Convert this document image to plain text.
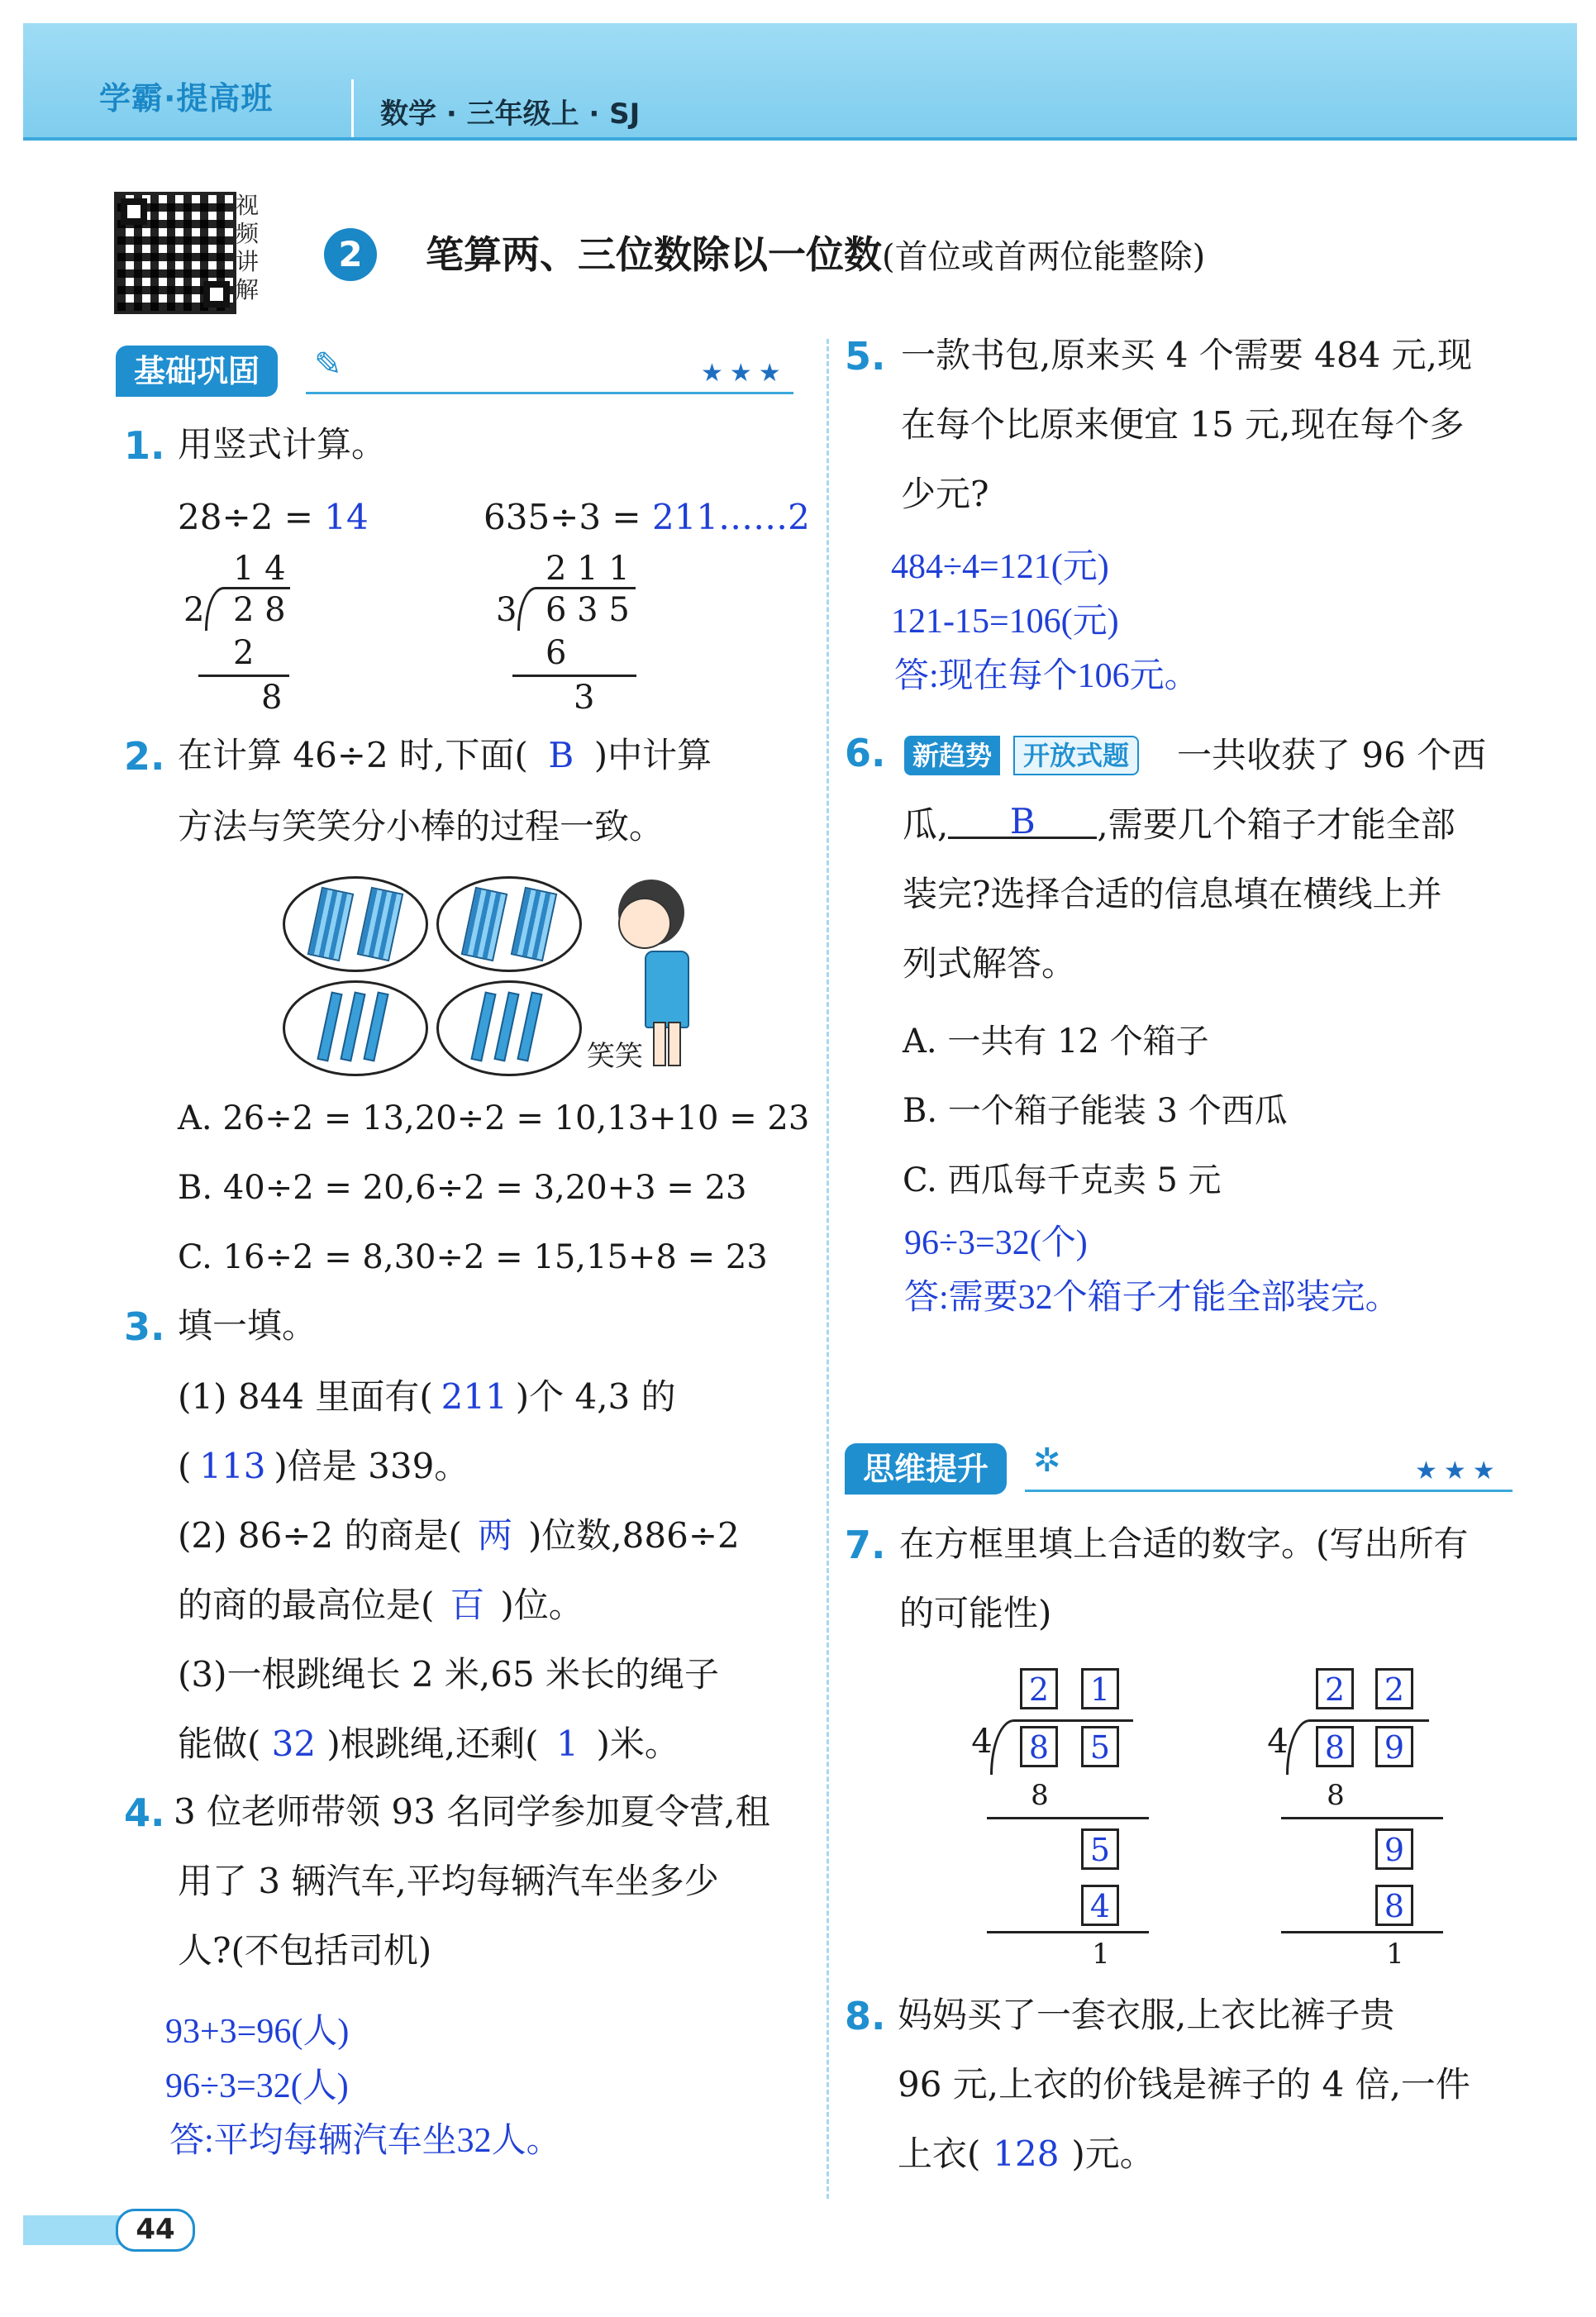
学霸·提高班	数学 · 三年级上 · SJ
视频讲解
2	笔算两、三位数除以一位数(首位或首两位能整除)
基础巩固	✎	★★★
1. 用竖式计算。
28÷2 = 14	635÷3 = 211……2
1 4
2 2 8
2
8
2 1 1
3 6 3 5
6
3
2. 在计算 46÷2 时,下面( B )中计算
方法与笑笑分小棒的过程一致。
笑笑
A. 26÷2 = 13,20÷2 = 10,13+10 = 23
B. 40÷2 = 20,6÷2 = 3,20+3 = 23
C. 16÷2 = 8,30÷2 = 15,15+8 = 23
3. 填一填。
(1) 844 里面有( 211 )个 4,3 的
( 113 )倍是 339。
(2) 86÷2 的商是( 两 )位数,886÷2
的商的最高位是( 百 )位。
(3)一根跳绳长 2 米,65 米长的绳子
能做( 32 )根跳绳,还剩( 1 )米。
4. 3 位老师带领 93 名同学参加夏令营,租
用了 3 辆汽车,平均每辆汽车坐多少
人?(不包括司机)
93+3=96(人)
96÷3=32(人)
答:平均每辆汽车坐32人。
5. 一款书包,原来买 4 个需要 484 元,现
在每个比原来便宜 15 元,现在每个多
少元?
484÷4=121(元)
121-15=106(元)
答:现在每个106元。
6.	新趋势	开放式题 一共收获了 96 个西
瓜, B ,需要几个箱子才能全部
装完?选择合适的信息填在横线上并
列式解答。
A. 一共有 12 个箱子
B. 一个箱子能装 3 个西瓜
C. 西瓜每千克卖 5 元
96÷3=32(个)
答:需要32个箱子才能全部装完。
思维提升	✲	★★★
7. 在方框里填上合适的数字。(写出所有
的可能性)
2 1
4 8 5
8
5
4
1
2 2
4 8 9
8
9
8
1
8. 妈妈买了一套衣服,上衣比裤子贵
96 元,上衣的价钱是裤子的 4 倍,一件
上衣( 128 )元。
44
